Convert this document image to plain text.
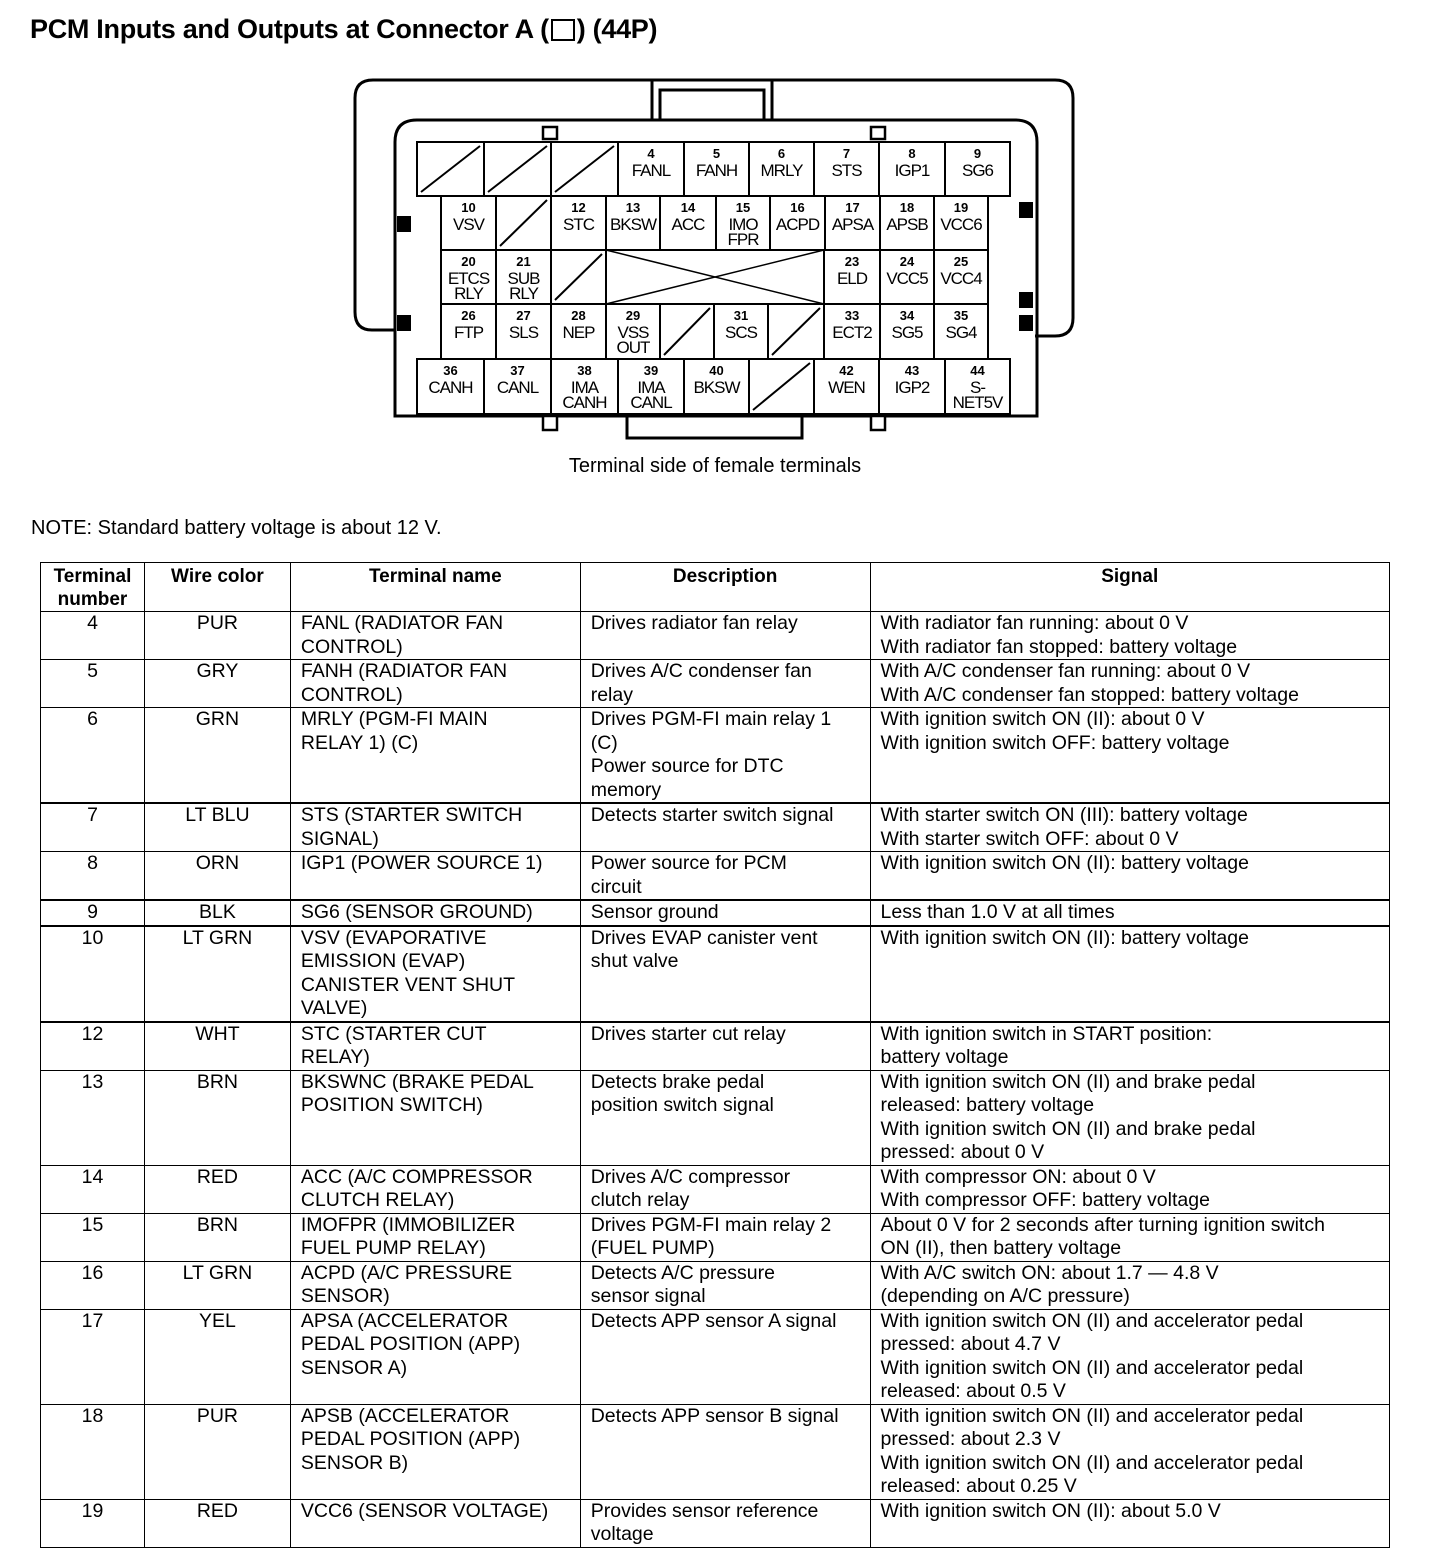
PCM Inputs and Outputs at Connector A ( ) (44P)
4
FANL
5
FANH
6
MRLY
7
STS
8
IGP1
9
SG6
10
VSV
12
STC
13
BKSW
14
ACC
15
IMO
FPR
16
ACPD
17
APSA
18
APSB
19
VCC6
20
ETCS
RLY
21
SUB
RLY
23
ELD
24
VCC5
25
VCC4
26
FTP
27
SLS
28
NEP
29
VSS
OUT
31
SCS
33
ECT2
34
SG5
35
SG4
36
CANH
37
CANL
38
IMA
CANH
39
IMA
CANL
40
BKSW
42
WEN
43
IGP2
44
S-
NET5V
Terminal side of female terminals
NOTE: Standard battery voltage is about 12 V.
Terminal
number	Wire color	Terminal name	Description	Signal
4	PUR	FANL (RADIATOR FAN
CONTROL)	Drives radiator fan relay	With radiator fan running: about 0 V
With radiator fan stopped: battery voltage
5	GRY	FANH (RADIATOR FAN
CONTROL)	Drives A/C condenser fan
relay	With A/C condenser fan running: about 0 V
With A/C condenser fan stopped: battery voltage
6	GRN	MRLY (PGM-FI MAIN
RELAY 1) (C)	Drives PGM-FI main relay 1
(C)
Power source for DTC
memory	With ignition switch ON (II): about 0 V
With ignition switch OFF: battery voltage
7	LT BLU	STS (STARTER SWITCH
SIGNAL)	Detects starter switch signal	With starter switch ON (III): battery voltage
With starter switch OFF: about 0 V
8	ORN	IGP1 (POWER SOURCE 1)	Power source for PCM
circuit	With ignition switch ON (II): battery voltage
9	BLK	SG6 (SENSOR GROUND)	Sensor ground	Less than 1.0 V at all times
10	LT GRN	VSV (EVAPORATIVE
EMISSION (EVAP)
CANISTER VENT SHUT
VALVE)	Drives EVAP canister vent
shut valve	With ignition switch ON (II): battery voltage
12	WHT	STC (STARTER CUT
RELAY)	Drives starter cut relay	With ignition switch in START position:
battery voltage
13	BRN	BKSWNC (BRAKE PEDAL
POSITION SWITCH)	Detects brake pedal
position switch signal	With ignition switch ON (II) and brake pedal
released: battery voltage
With ignition switch ON (II) and brake pedal
pressed: about 0 V
14	RED	ACC (A/C COMPRESSOR
CLUTCH RELAY)	Drives A/C compressor
clutch relay	With compressor ON: about 0 V
With compressor OFF: battery voltage
15	BRN	IMOFPR (IMMOBILIZER
FUEL PUMP RELAY)	Drives PGM-FI main relay 2
(FUEL PUMP)	About 0 V for 2 seconds after turning ignition switch
ON (II), then battery voltage
16	LT GRN	ACPD (A/C PRESSURE
SENSOR)	Detects A/C pressure
sensor signal	With A/C switch ON: about 1.7 — 4.8 V
(depending on A/C pressure)
17	YEL	APSA (ACCELERATOR
PEDAL POSITION (APP)
SENSOR A)	Detects APP sensor A signal	With ignition switch ON (II) and accelerator pedal
pressed: about 4.7 V
With ignition switch ON (II) and accelerator pedal
released: about 0.5 V
18	PUR	APSB (ACCELERATOR
PEDAL POSITION (APP)
SENSOR B)	Detects APP sensor B signal	With ignition switch ON (II) and accelerator pedal
pressed: about 2.3 V
With ignition switch ON (II) and accelerator pedal
released: about 0.25 V
19	RED	VCC6 (SENSOR VOLTAGE)	Provides sensor reference
voltage	With ignition switch ON (II): about 5.0 V
